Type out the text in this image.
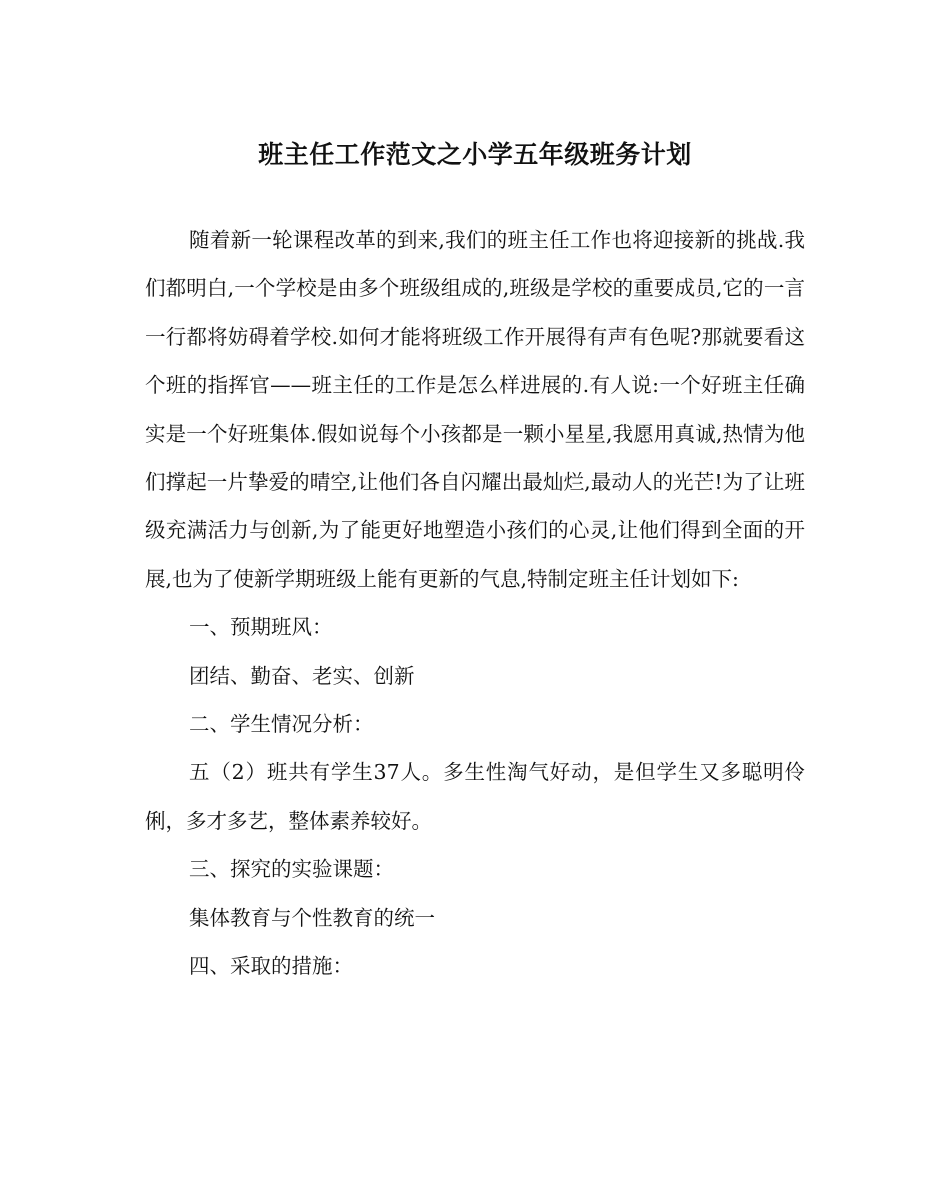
班主任工作范文之小学五年级班务计划

随着新一轮课程改革的到来,我们的班主任工作也将迎接新的挑战.我们都明白,一个学校是由多个班级组成的,班级是学校的重要成员,它的一言一行都将妨碍着学校.如何才能将班级工作开展得有声有色呢?那就要看这个班的指挥官——班主任的工作是怎么样进展的.有人说:一个好班主任确实是一个好班集体.假如说每个小孩都是一颗小星星,我愿用真诚,热情为他们撑起一片挚爱的晴空,让他们各自闪耀出最灿烂,最动人的光芒!为了让班级充满活力与创新,为了能更好地塑造小孩们的心灵,让他们得到全面的开展,也为了使新学期班级上能有更新的气息,特制定班主任计划如下:

一、预期班风：

团结、勤奋、老实、创新

二、学生情况分析：

五（2）班共有学生37人。多生性淘气好动，是但学生又多聪明伶俐，多才多艺，整体素养较好。

三、探究的实验课题：

集体教育与个性教育的统一

四、采取的措施：
